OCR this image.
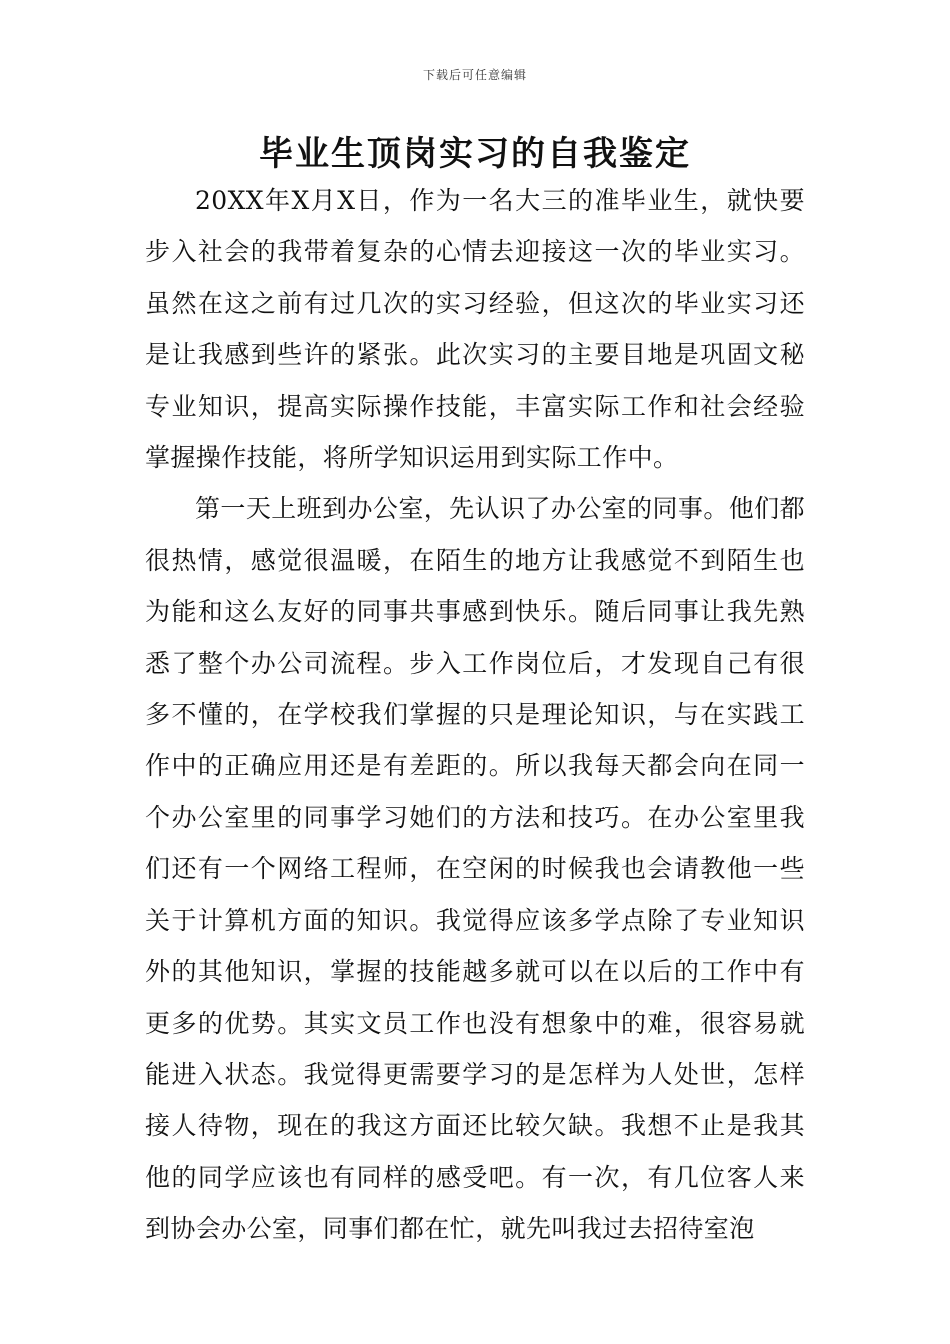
下载后可任意编辑
毕业生顶岗实习的自我鉴定

20XX年X月X日，作为一名大三的准毕业生，就快要步入社会的我带着复杂的心情去迎接这一次的毕业实习。虽然在这之前有过几次的实习经验，但这次的毕业实习还是让我感到些许的紧张。此次实习的主要目地是巩固文秘专业知识，提高实际操作技能，丰富实际工作和社会经验掌握操作技能，将所学知识运用到实际工作中。

第一天上班到办公室，先认识了办公室的同事。他们都很热情，感觉很温暖，在陌生的地方让我感觉不到陌生也为能和这么友好的同事共事感到快乐。随后同事让我先熟悉了整个办公司流程。步入工作岗位后，才发现自己有很多不懂的，在学校我们掌握的只是理论知识，与在实践工作中的正确应用还是有差距的。所以我每天都会向在同一个办公室里的同事学习她们的方法和技巧。在办公室里我们还有一个网络工程师，在空闲的时候我也会请教他一些关于计算机方面的知识。我觉得应该多学点除了专业知识外的其他知识，掌握的技能越多就可以在以后的工作中有更多的优势。其实文员工作也没有想象中的难，很容易就能进入状态。我觉得更需要学习的是怎样为人处世，怎样接人待物，现在的我这方面还比较欠缺。我想不止是我其他的同学应该也有同样的感受吧。有一次，有几位客人来到协会办公室，同事们都在忙，就先叫我过去招待室泡
